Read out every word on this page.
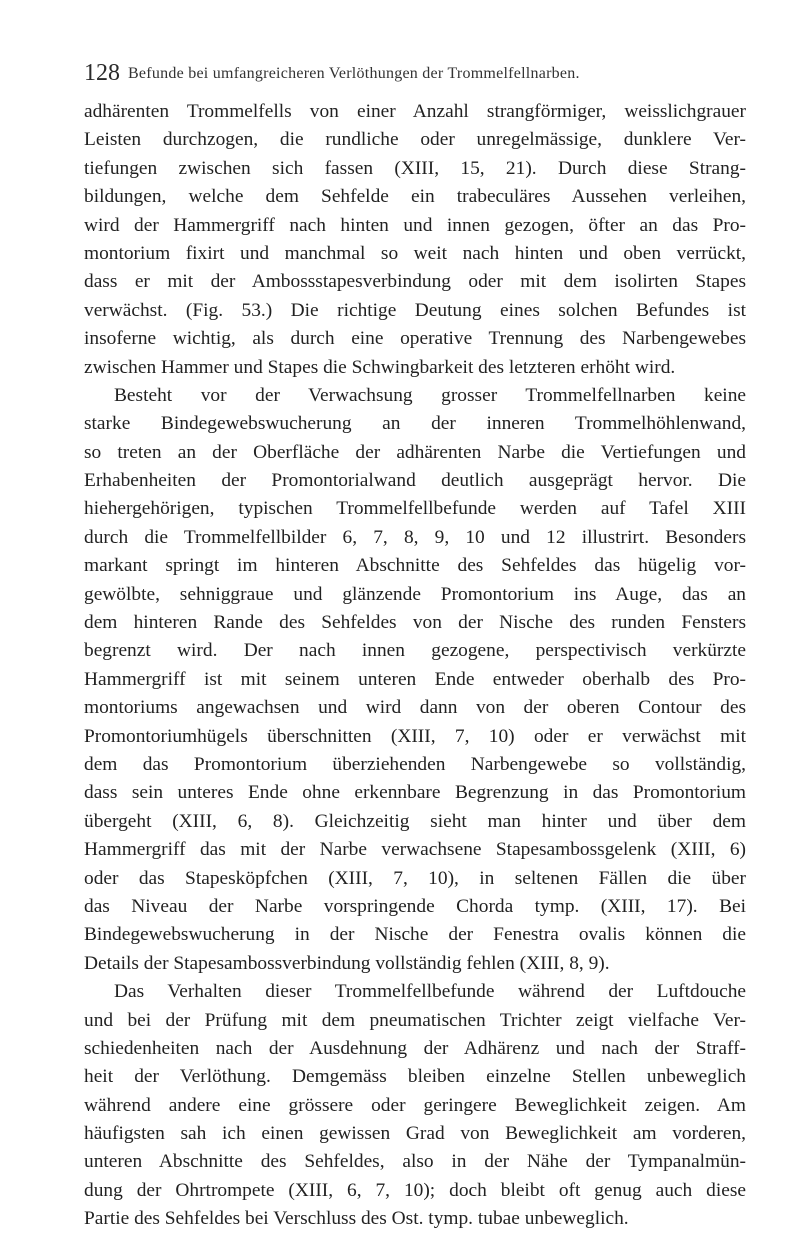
128 Befunde bei umfangreicheren Verlöthungen der Trommelfellnarben.
adhärenten Trommelfells von einer Anzahl strangförmiger, weisslichgrauer
Leisten durchzogen, die rundliche oder unregelmässige, dunklere Ver-
tiefungen zwischen sich fassen (XIII, 15, 21). Durch diese Strang-
bildungen, welche dem Sehfelde ein trabeculäres Aussehen verleihen,
wird der Hammergriff nach hinten und innen gezogen, öfter an das Pro-
montorium fixirt und manchmal so weit nach hinten und oben verrückt,
dass er mit der Ambossstapesverbindung oder mit dem isolirten Stapes
verwächst. (Fig. 53.) Die richtige Deutung eines solchen Befundes ist
insoferne wichtig, als durch eine operative Trennung des Narbengewebes
zwischen Hammer und Stapes die Schwingbarkeit des letzteren erhöht wird.
Besteht vor der Verwachsung grosser Trommelfellnarben keine
starke Bindegewebswucherung an der inneren Trommelhöhlenwand,
so treten an der Oberfläche der adhärenten Narbe die Vertiefungen und
Erhabenheiten der Promontorialwand deutlich ausgeprägt hervor. Die
hiehergehörigen, typischen Trommelfellbefunde werden auf Tafel XIII
durch die Trommelfellbilder 6, 7, 8, 9, 10 und 12 illustrirt. Besonders
markant springt im hinteren Abschnitte des Sehfeldes das hügelig vor-
gewölbte, sehniggraue und glänzende Promontorium ins Auge, das an
dem hinteren Rande des Sehfeldes von der Nische des runden Fensters
begrenzt wird. Der nach innen gezogene, perspectivisch verkürzte
Hammergriff ist mit seinem unteren Ende entweder oberhalb des Pro-
montoriums angewachsen und wird dann von der oberen Contour des
Promontoriumhügels überschnitten (XIII, 7, 10) oder er verwächst mit
dem das Promontorium überziehenden Narbengewebe so vollständig,
dass sein unteres Ende ohne erkennbare Begrenzung in das Promontorium
übergeht (XIII, 6, 8). Gleichzeitig sieht man hinter und über dem
Hammergriff das mit der Narbe verwachsene Stapesambossgelenk (XIII, 6)
oder das Stapesköpfchen (XIII, 7, 10), in seltenen Fällen die über
das Niveau der Narbe vorspringende Chorda tymp. (XIII, 17). Bei
Bindegewebswucherung in der Nische der Fenestra ovalis können die
Details der Stapesambossverbindung vollständig fehlen (XIII, 8, 9).
Das Verhalten dieser Trommelfellbefunde während der Luftdouche
und bei der Prüfung mit dem pneumatischen Trichter zeigt vielfache Ver-
schiedenheiten nach der Ausdehnung der Adhärenz und nach der Straff-
heit der Verlöthung. Demgemäss bleiben einzelne Stellen unbeweglich
während andere eine grössere oder geringere Beweglichkeit zeigen. Am
häufigsten sah ich einen gewissen Grad von Beweglichkeit am vorderen,
unteren Abschnitte des Sehfeldes, also in der Nähe der Tympanalmün-
dung der Ohrtrompete (XIII, 6, 7, 10); doch bleibt oft genug auch diese
Partie des Sehfeldes bei Verschluss des Ost. tymp. tubae unbeweglich.
